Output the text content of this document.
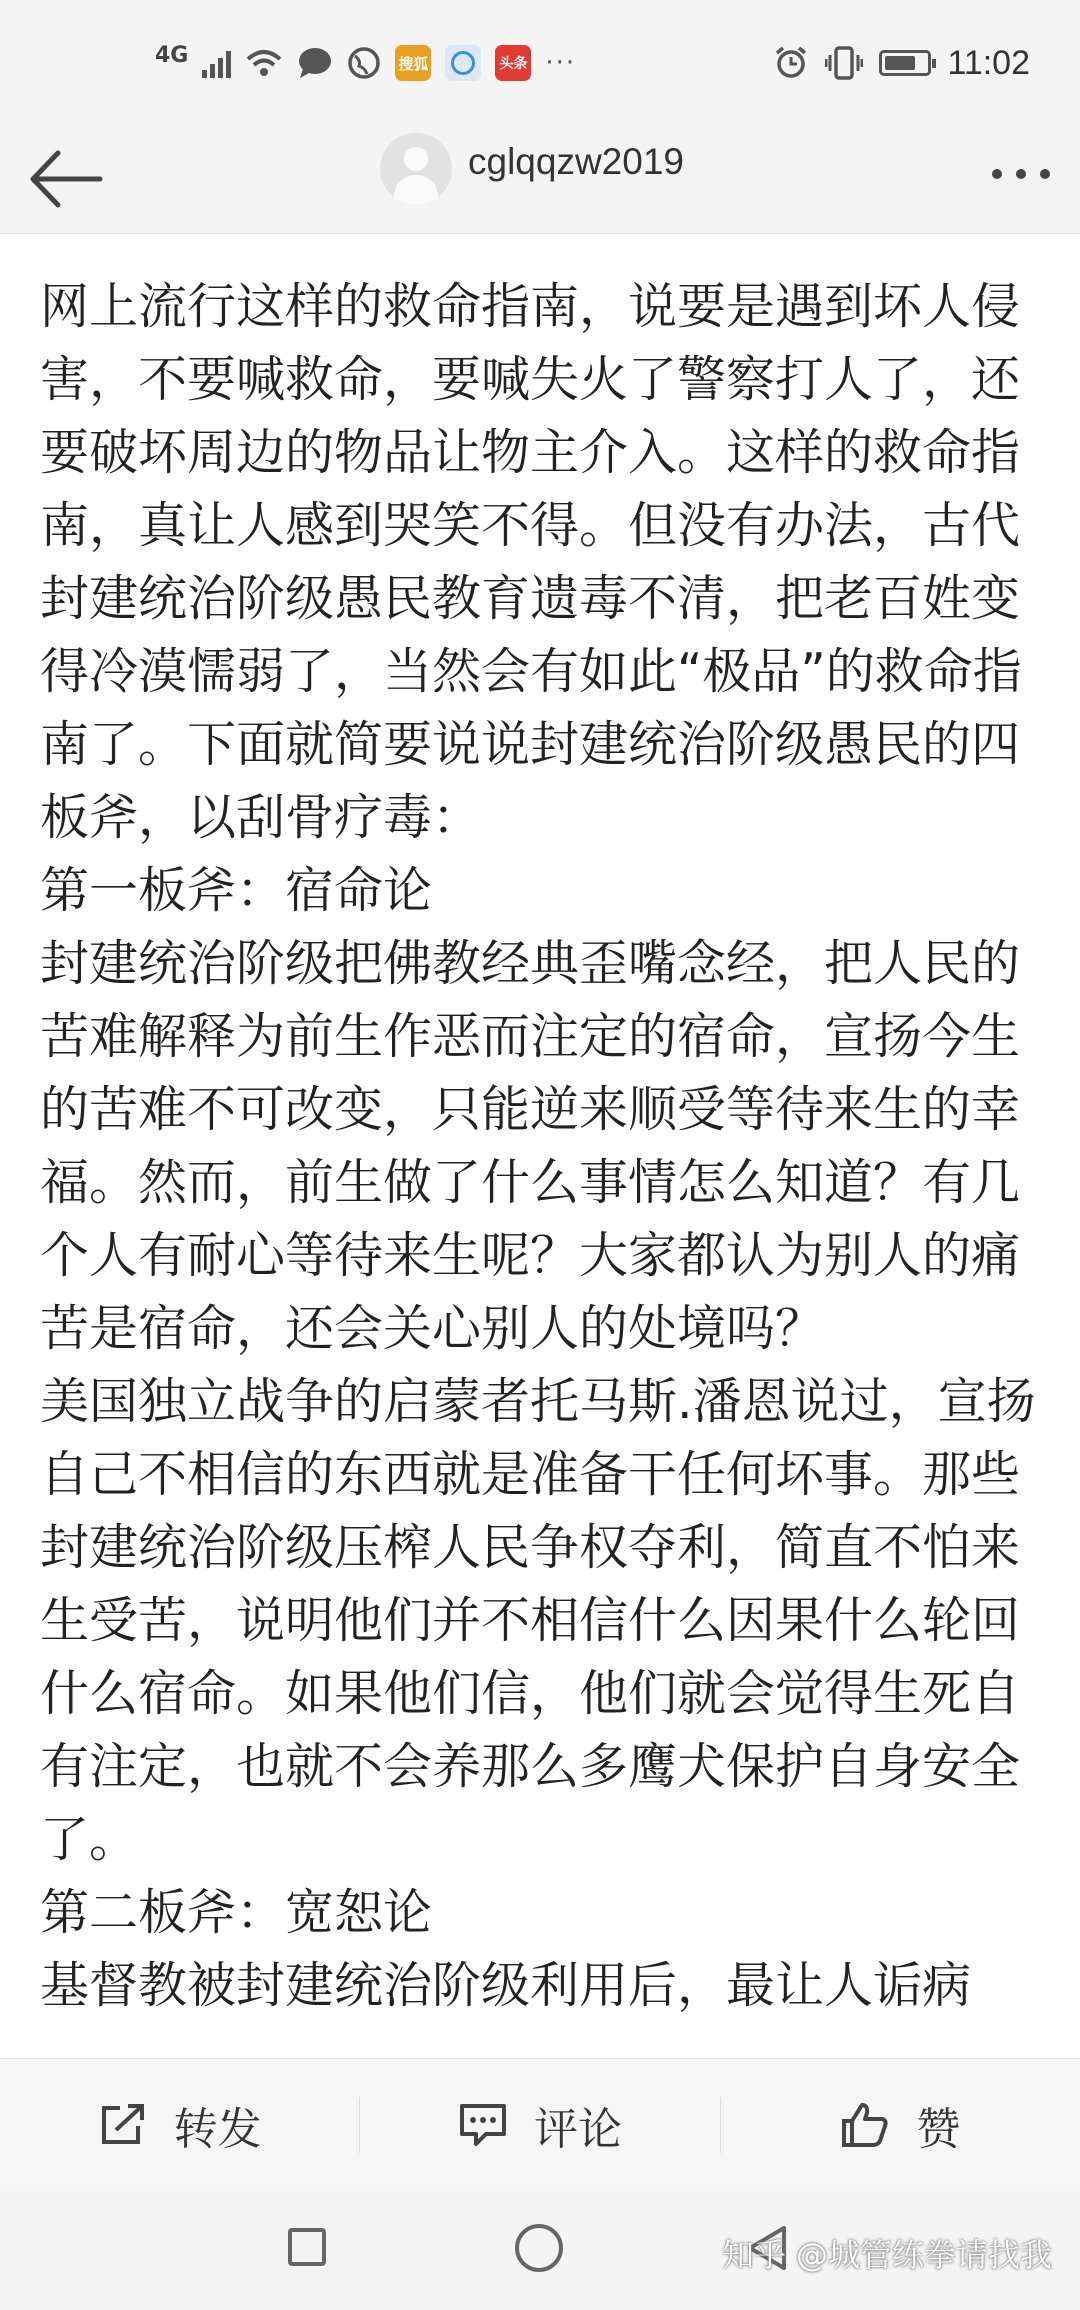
4G	搜狐	头条 ···	11:02
cglqqzw2019

网上流行这样的救命指南，说要是遇到坏人侵害，不要喊救命，要喊失火了警察打人了，还要破坏周边的物品让物主介入。这样的救命指南，真让人感到哭笑不得。但没有办法，古代封建统治阶级愚民教育遗毒不清，把老百姓变得冷漠懦弱了，当然会有如此“极品”的救命指南了。下面就简要说说封建统治阶级愚民的四板斧，以刮骨疗毒：

第一板斧：宿命论

封建统治阶级把佛教经典歪嘴念经，把人民的苦难解释为前生作恶而注定的宿命，宣扬今生的苦难不可改变，只能逆来顺受等待来生的幸福。然而，前生做了什么事情怎么知道？有几个人有耐心等待来生呢？大家都认为别人的痛苦是宿命，还会关心别人的处境吗？

美国独立战争的启蒙者托马斯.潘恩说过，宣扬自己不相信的东西就是准备干任何坏事。那些封建统治阶级压榨人民争权夺利，简直不怕来生受苦，说明他们并不相信什么因果什么轮回什么宿命。如果他们信，他们就会觉得生死自有注定，也就不会养那么多鹰犬保护自身安全了。

第二板斧：宽恕论

基督教被封建统治阶级利用后，最让人诟病

转发	评论	赞
知乎 @城管练拳请找我
